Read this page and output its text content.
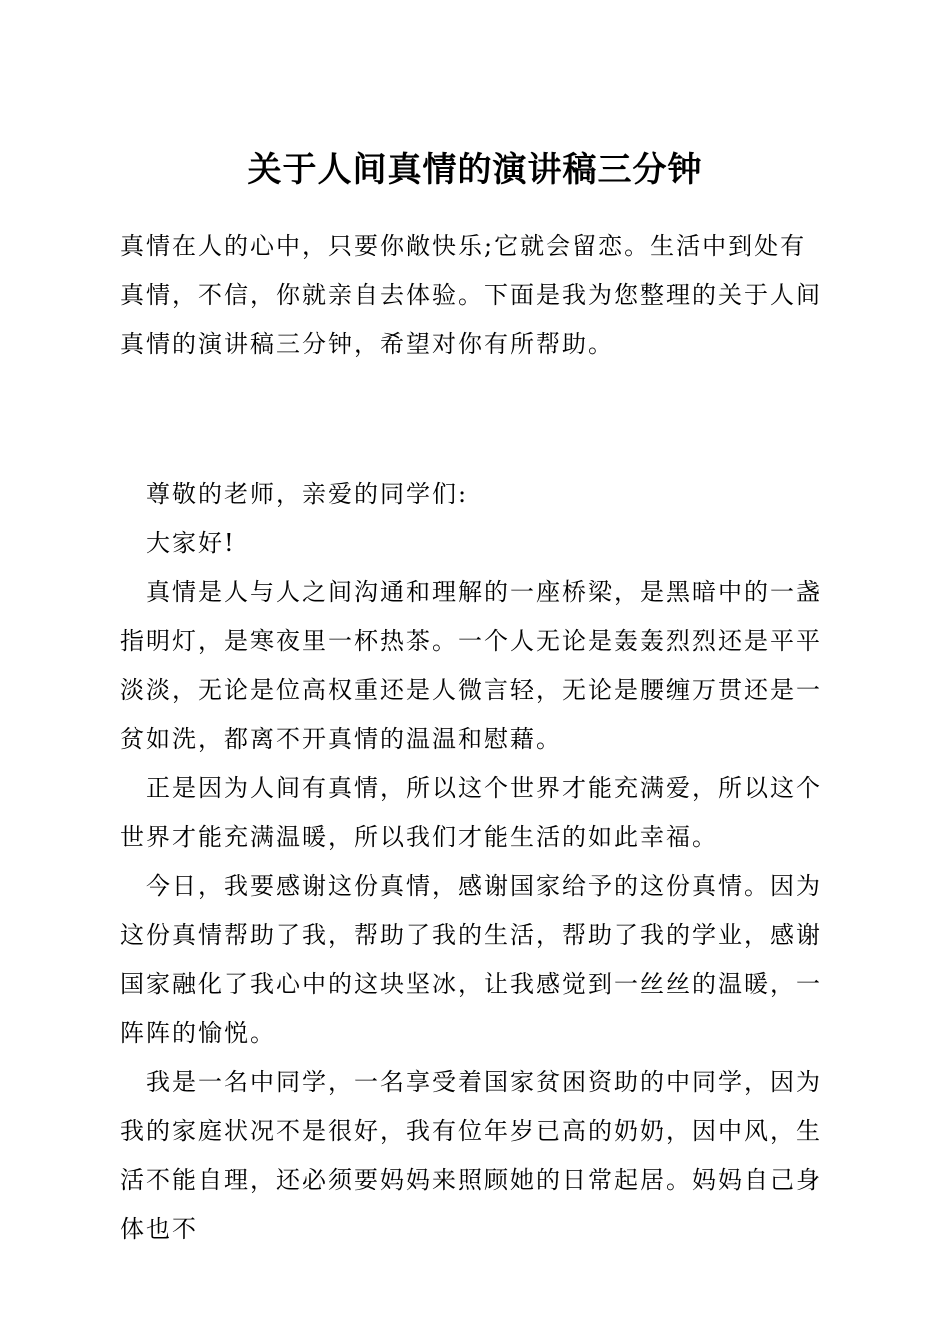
关于人间真情的演讲稿三分钟

真情在人的心中，只要你敞快乐;它就会留恋。生活中到处有真情，不信，你就亲自去体验。下面是我为您整理的关于人间真情的演讲稿三分钟，希望对你有所帮助。

尊敬的老师，亲爱的同学们:

大家好!

真情是人与人之间沟通和理解的一座桥梁，是黑暗中的一盏指明灯，是寒夜里一杯热茶。一个人无论是轰轰烈烈还是平平淡淡，无论是位高权重还是人微言轻，无论是腰缠万贯还是一贫如洗，都离不开真情的温温和慰藉。

正是因为人间有真情，所以这个世界才能充满爱，所以这个世界才能充满温暖，所以我们才能生活的如此幸福。

今日，我要感谢这份真情，感谢国家给予的这份真情。因为这份真情帮助了我，帮助了我的生活，帮助了我的学业，感谢国家融化了我心中的这块坚冰，让我感觉到一丝丝的温暖，一阵阵的愉悦。

我是一名中同学，一名享受着国家贫困资助的中同学，因为我的家庭状况不是很好，我有位年岁已高的奶奶，因中风，生活不能自理，还必须要妈妈来照顾她的日常起居。妈妈自己身体也不
